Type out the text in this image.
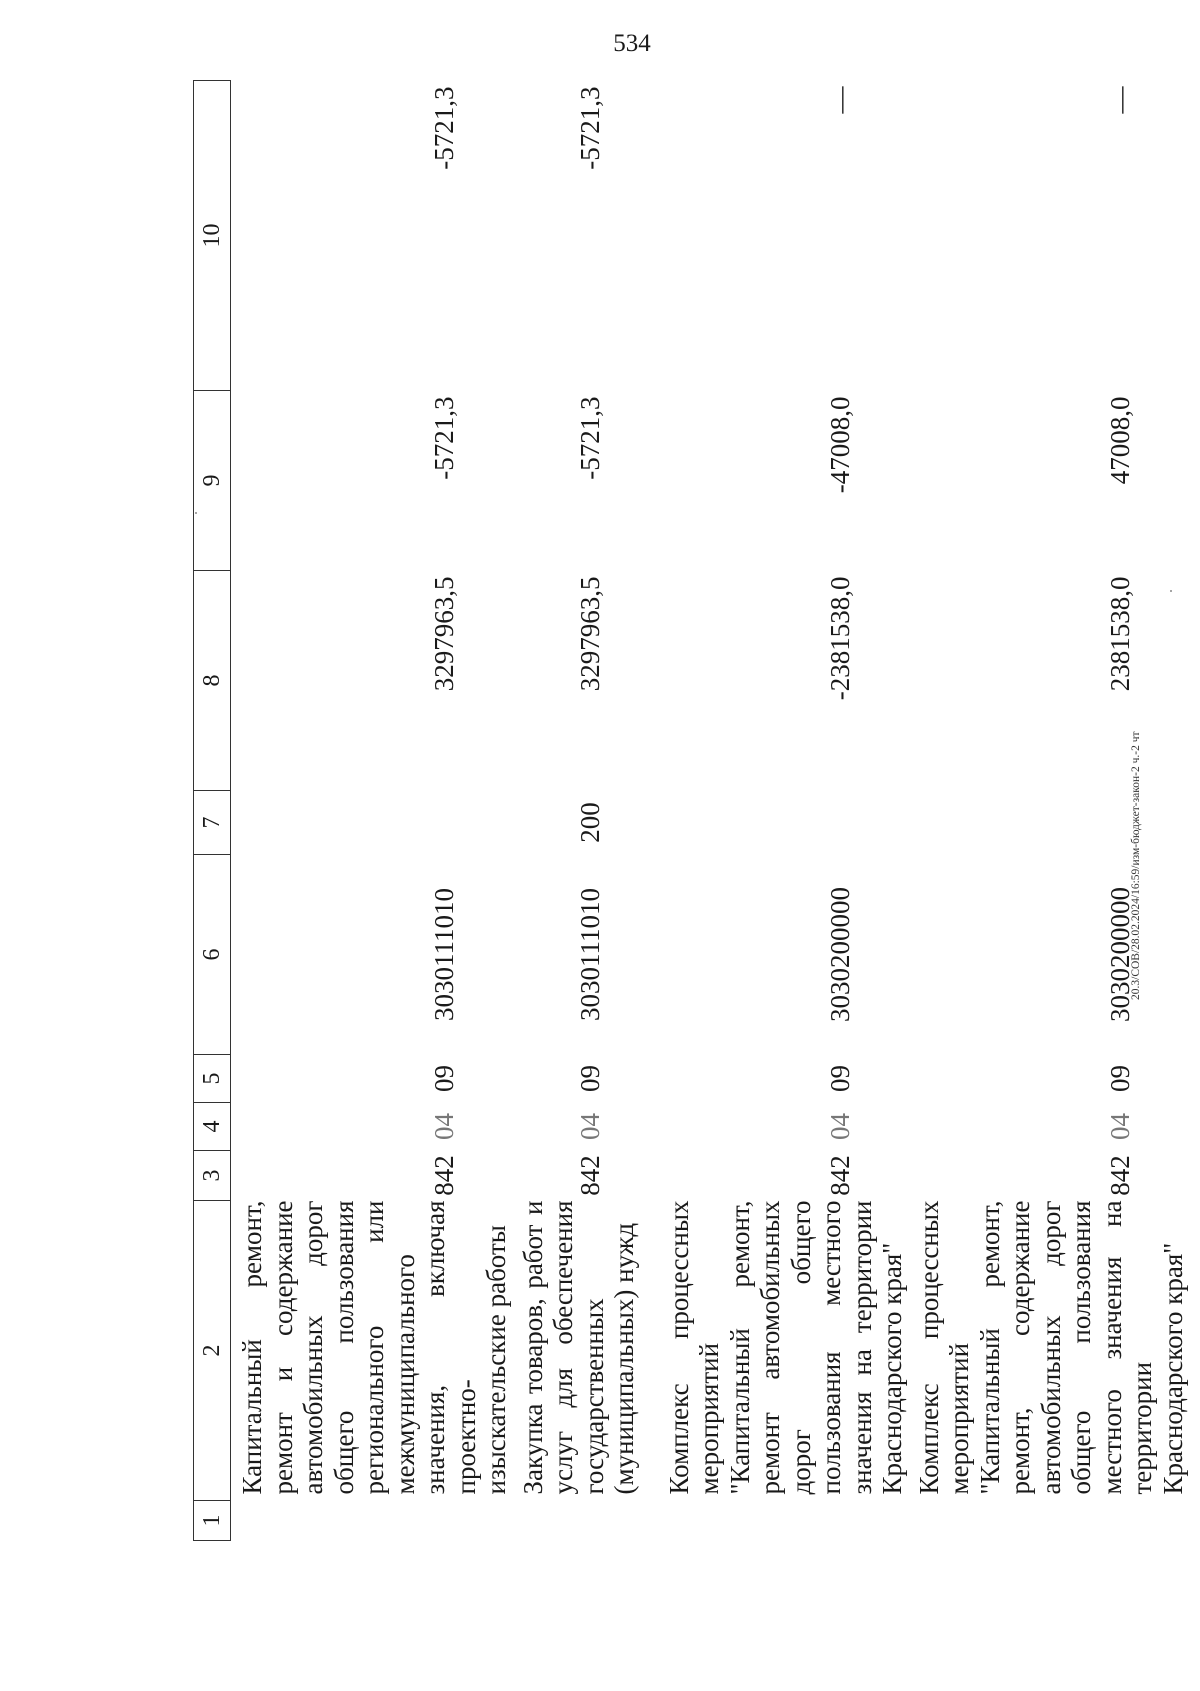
534
1	2	3	4	5	6	7	8	9	10
	Капитальный ремонт, ремонт и содержание автомобильных дорог общего пользования регионального или межмуниципального значения, включая проектно-изыскательские работы	842	04	09	3030111010		3297963,5	-5721,3	-5721,3
	Закупка товаров, работ и услуг для обеспечения государственных (муниципальных) нужд	842	04	09	3030111010	200	3297963,5	-5721,3	-5721,3
	Комплекс процессных мероприятий "Капитальный ремонт, ремонт автомобильных дорог общего пользования местного значения на территории Краснодарского края"	842	04	09	3030200000		-2381538,0	-47008,0	—
	Комплекс процессных мероприятий "Капитальный ремонт, ремонт, содержание автомобильных дорог общего пользования местного значения на территории Краснодарского края"	842	04	09	3030200000		2381538,0	47008,0	—
20.3/СОВ/28.02.2024/16:59/изм-бюджет-закон-2 ч.-2 чт
